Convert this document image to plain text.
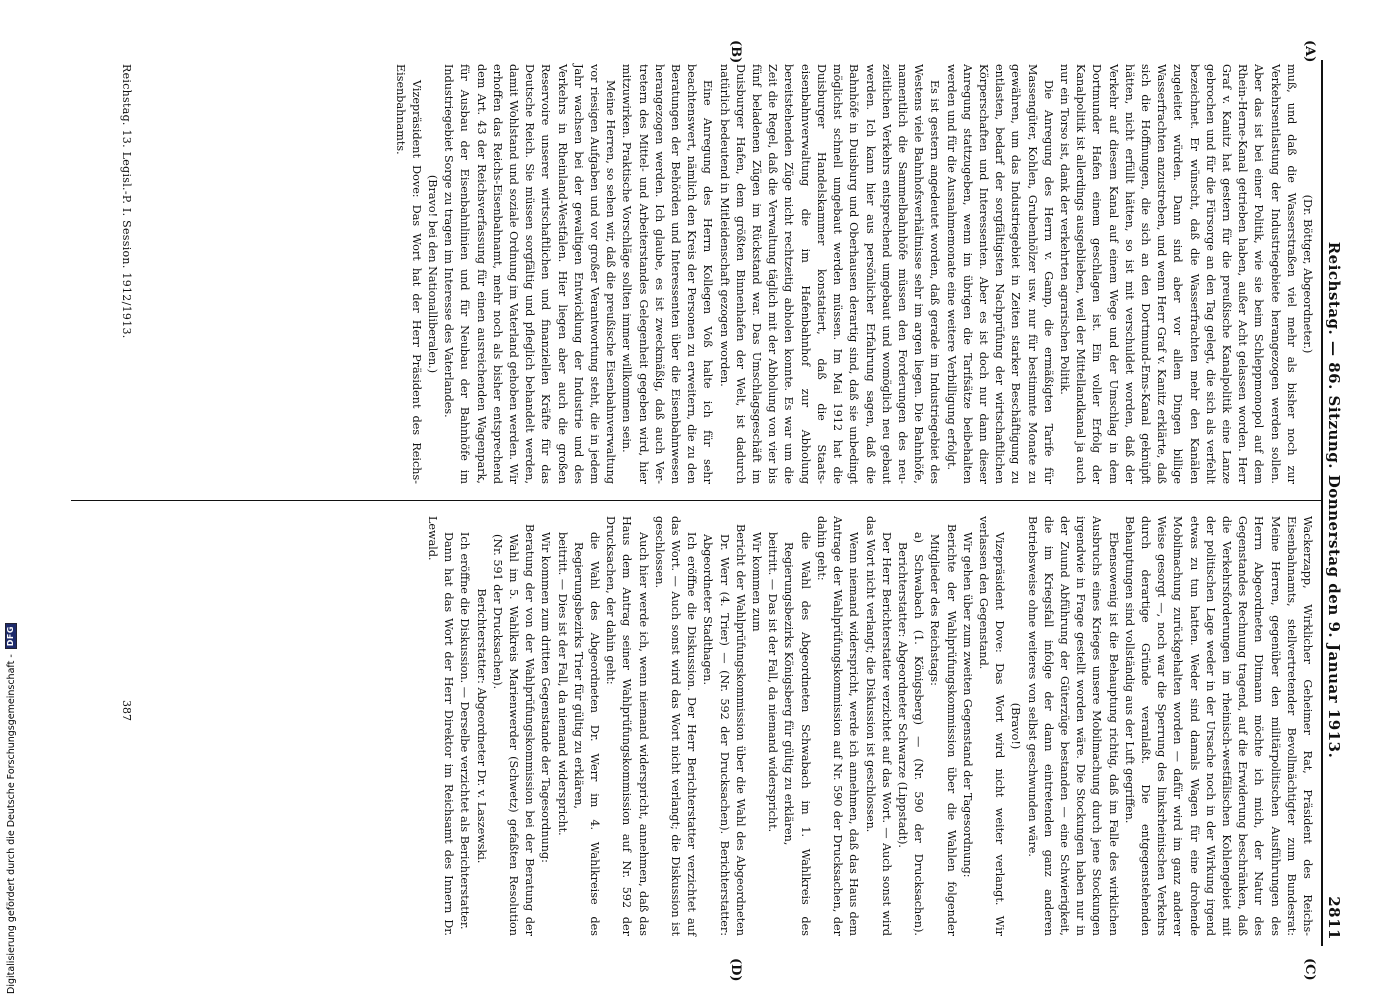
Digitalisierung gefördert durch die Deutsche Forschungsgemeinschaft -
DFG	Reichstag. — 86. Sitzung. Donnerstag den 9. Januar 1913.
2811
(A)
(B)
(C)
(D)

(Dr. Böttger, Abgeordneter.)

muß, und daß die Wasserstraßen viel mehr als bisher noch zur Verkehrsentlastung der Industriegebiete herangezogen werden sollen. Aber das ist bei einer Politik, wie sie beim Schleppmonopol auf dem Rhein-Herne-Kanal getrieben haben, außer Acht gelassen worden. Herr Graf v. Kanitz hat gestern für die preußische Kanalpolitik eine Lanze gebrochen und für die Fürsorge an den Tag gelegt, die sich als verfehlt bezeichnet. Er wünscht, daß die Wasserfrachten mehr den Kanälen zugeleitet würden. Dann sind aber vor allem Dingen billige Wasserfrachten anzustreben, und wenn Herr Graf v. Kanitz erklärte, daß sich die Hoffnungen, die sich an den Dortmund-Ems-Kanal geknüpft hätten, nicht erfüllt hätten, so ist mit verschuldet worden, daß der Verkehr auf diesem Kanal auf einem Wege und der Umschlag in dem Dortmunder Hafen einem geschlagen ist. Ein voller Erfolg der Kanalpolitik ist allerdings ausgeblieben, weil der Mittellandkanal ja auch nur ein Torso ist, dank der verkehrten agrarischen Politik.

Die Anregung des Herrn v. Gamp, die ermäßigten Tarife für Massengüter, Kohlen, Grubenhölzer usw. nur für bestimmte Monate zu gewähren, um das Industriegebiet in Zeiten starker Beschäftigung zu entlasten, bedarf der sorgfältigsten Nachprüfung der wirtschaftlichen Körperschaften und Interessenten. Aber es ist doch nur dann dieser Anregung stattzugeben, wenn im übrigen die Tarifsätze beibehalten werden und für die Ausnahmemonate eine weitere Verbilligung erfolgt.

Es ist gestern angedeutet worden, daß gerade im Industriegebiet des Westens viele Bahnhofsverhältnisse sehr im argen liegen. Die Bahnhöfe, namentlich die Sammelbahnhöfe müssen den Forderungen des neuzeitlichen Verkehrs entsprechend umgebaut und womöglich neu gebaut werden. Ich kann hier aus persönlicher Erfahrung sagen, daß die Bahnhöfe in Duisburg und Oberhausen derartig sind, daß sie unbedingt möglichst schnell umgebaut werden müssen. Im Mai 1912 hat die Duisburger Handelskammer konstatiert, daß die Staatseisenbahnverwaltung die im Hafenbahnhof zur Abholung bereitstehenden Züge nicht rechtzeitig abholen konnte. Es war um die Zeit die Regel, daß die Verwaltung täglich mit der Abholung von vier bis fünf beladenen Zügen im Rückstand war. Das Umschlagsgeschäft im Duisburger Hafen, dem größten Binnenhafen der Welt, ist dadurch natürlich bedeutend in Mitleidenschaft gezogen worden.

Eine Anregung des Herrn Kollegen Voß halte ich für sehr beachtenswert, nämlich den Kreis der Personen zu erweitern, die zu den Beratungen der Behörden und Interessenten über die Eisenbahnwesen herangezogen werden. Ich glaube, es ist zweckmäßig, daß auch Vertretern des Mittel- und Arbeiterstandes Gelegenheit gegeben wird, hier mitzuwirken. Praktische Vorschläge sollten immer willkommen sein.

Meine Herren, so sehen wir, daß die preußische Eisenbahnverwaltung vor riesigen Aufgaben und vor großer Verantwortung steht, die in jedem Jahr wachsen bei der gewaltigen Entwicklung der Industrie und des Verkehrs in Rheinland-Westfalen. Hier liegen aber auch die großen Reservoire unserer wirtschaftlichen und finanziellen Kräfte für das Deutsche Reich. Sie müssen sorgfältig und pfleglich behandelt werden, damit Wohlstand und soziale Ordnung im Vaterland gehoben werden. Wir erhoffen das Reichs-Eisenbahnamt, mehr noch als bisher entsprechend dem Art. 43 der Reichsverfassung für einen ausreichenden Wagenpark, für Ausbau der Eisenbahnlinien und für Neubau der Bahnhöfe im Industriegebiet Sorge zu tragen im Interesse des Vaterlandes.

(Bravo! bei den Nationalliberalen.)

Vizepräsident Dove: Das Wort hat der Herr Präsident des Reichs-Eisenbahnamts.

Wackerzapp, Wirklicher Geheimer Rat, Präsident des Reichs-Eisenbahnamts, stellvertretender Bevollmächtigter zum Bundesrat: Meine Herren, gegenüber den militärpolitischen Ausführungen des Herrn Abgeordneten Ditmann möchte ich mich, der Natur des Gegenstandes Rechnung tragend, auf die Erwiderung beschränken, daß die Verkehrsforderungen im rheinisch-westfälischen Kohlengebiet mit der politischen Lage weder in der Ursache noch in der Wirkung irgend etwas zu tun hatten. Weder sind damals Wagen für eine drohende Mobilmachung zurückgehalten worden — dafür wird im ganz anderer Weise gesorgt —, noch war die Sperrung des linksrheinischen Verkehrs durch derartige Gründe veranlaßt. Die entgegenstehenden Behauptungen sind vollständig aus der Luft gegriffen.

Ebensowenig ist die Behauptung richtig, daß im Falle des wirklichen Ausbruchs eines Krieges unsere Mobilmachung durch jene Stockungen irgendwie in Frage gestellt worden wäre. Die Stockungen haben nur in der Zuund Abführung der Güterzüge bestanden — eine Schwierigkeit, die im Kriegsfall infolge der dann eintretenden ganz anderen Betriebsweise ohne weiteres von selbst geschwunden wäre.

(Bravo!)

Vizepräsident Dove: Das Wort wird nicht weiter verlangt. Wir verlassen den Gegenstand.

Wir gehen über zum zweiten Gegenstand der Tagesordnung:

Berichte der Wahlprüfungskommission über die Wahlen folgender Mitglieder des Reichstags:

a) Schwabach (1. Königsberg) — (Nr. 590 der Drucksachen). Berichterstatter: Abgeordneter Schwarze (Lippstadt).

Der Herr Berichterstatter verzichtet auf das Wort. — Auch sonst wird das Wort nicht verlangt; die Diskussion ist geschlossen.

Wenn niemand widerspricht, werde ich annehmen, daß das Haus dem Antrage der Wahlprüfungskommission auf Nr. 590 der Drucksachen, der dahin geht:

die Wahl des Abgeordneten Schwabach im 1. Wahlkreis des Regierungsbezirks Königsberg für gültig zu erklären,

beitritt. — Das ist der Fall, da niemand widerspricht.

Wir kommen zum

Bericht der Wahlprüfungskommission über die Wahl des Abgeordneten Dr. Werr (4. Trier) — (Nr. 592 der Drucksachen). Berichterstatter: Abgeordneter Stadthagen.

Ich eröffne die Diskussion. Der Herr Berichterstatter verzichtet auf das Wort. — Auch sonst wird das Wort nicht verlangt; die Diskussion ist geschlossen.

Auch hier werde ich, wenn niemand widerspricht, annehmen, daß das Haus dem Antrag seiner Wahlprüfungskommission auf Nr. 592 der Drucksachen, der dahin geht:

die Wahl des Abgeordneten Dr. Werr im 4. Wahlkreise des Regierungsbezirks Trier für gültig zu erklären,

beitritt. — Dies ist der Fall, da niemand widerspricht.

Wir kommen zum dritten Gegenstande der Tagesordnung:

Beratung der von der Wahlprüfungskommission bei der Beratung der Wahl im 5. Wahlkreis Marienwerder (Schwetz) gefaßten Resolution (Nr. 591 der Drucksachen).

Berichterstatter: Abgeordneter Dr. v. Laszewski.

Ich eröffne die Diskussion. — Derselbe verzichtet als Berichterstatter.

Dann hat das Wort der Herr Direktor im Reichsamt des Innern Dr. Lewald.

Reichstag. 13. Legisl.-P. I. Session. 1912/1913.
387
